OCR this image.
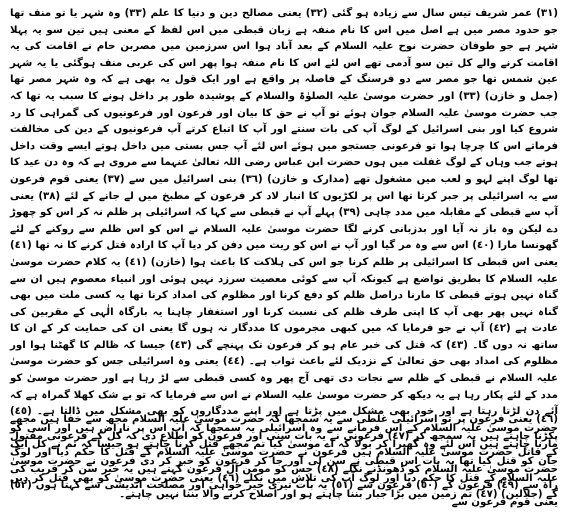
(٣١) عمر شریف تیس سال سے زیادہ ہو گئی (٣٢) یعنی مصالح دین و دنیا کا علم (٣٣) وہ شہر یا تو منف تھا جو حدود مصر میں ہے اصل میں اس کا نام منفہ ہے زبان قبطی میں اس لفظ کے معنی ہیں تین سو یہ پہلا شہر ہے جو طوفان حضرت نوح علیہ السلام کے بعد آباد ہوا اس سرزمین میں مصربن حام نے اقامت کی یہ اقامت کرنے والے کل تین سو آدمی تھے اس لئے اس کا نام منفہ ہوا پھر اس کی عربی منف ہوگئی یا یہ شہر عین شمس تھا جو مصر سے دو فرسنگ کے فاصلہ پر واقع ہے اور ایک قول یہ بھی ہے کہ وہ شہر مصر تھا (جمل و خازن) (٣٣) اور حضرت موسیٰ علیہ الصلوٰۃ والسلام کے پوشیدہ طور پر داخل ہونے کا سبب یہ تھا کہ جب حضرت موسیٰ علیہ السلام جوان ہوئے تو آپ نے حق کا بیان اور فرعون اور فرعونیوں کی گمراہی کا رد شروع کیا اور بنی اسرائیل کے لوگ آپ کی بات سنتے اور آپ کا اتباع کرتے آپ فرعونیوں کے دین کی مخالفت فرماتے اس کا چرچا ہوا تو فرعونی جستجو میں ہوئے اس لئے آپ جس بستی میں داخل ہوتے ایسے وقت داخل ہوتے جب وہاں کے لوگ غفلت میں ہوں حضرت ابن عباس رضی اللہ تعالیٰ عنہما سے مروی ہے کہ وہ دن عید کا تھا لوگ اپنے لہو و لعب میں مشغول تھے (مدارک و خازن) (٣٦) بنی اسرائیل میں سے (٣٧) یعنی قوم فرعون سے یہ اسرائیلی پر جبر کرتا تھا اس پر لکڑیوں کا انبار لاد کر فرعون کے مطبخ میں لے جانے کے لئے (٣٨) یعنی آپ سے قبطی کے مقابلہ میں مدد چاہی (٣٩) پہلے آپ نے قبطی سے کہا کہ اسرائیلی پر ظلم نہ کر اس کو چھوڑ دے لیکن وہ باز نہ آیا اور بدزبانی کرنے لگا حضرت موسیٰ علیہ السلام نے اس کو اس ظلم سے روکنے کے لئے گھونسا مارا (٤٠) اس سے وہ مر گیا اور آپ نے اس کو ریت میں دفن کر دیا آپ کا ارادہ قتل کرنے کا نہ تھا (٤١) یعنی اس قبطی کا اسرائیلی پر ظلم کرنا جو اس کی ہلاکت کا باعث ہوا (خازن) (٤١) یہ کلام حضرت موسیٰ علیہ السلام کا بطریق تواضع ہے کیونکہ آپ سے کوئی معصیت سرزد نہیں ہوئی اور انبیاء معصوم ہیں ان سے گناہ نہیں ہوتے قبطی کا مارنا دراصل ظلم کو دفع کرنا اور مظلوم کی امداد کرنا تھا یہ کسی ملت میں بھی گناہ نہیں پھر بھی آپ کا اپنی طرف ظلم کی نسبت کرنا اور استغفار چاہنا یہ بارگاہ الٰہی کے مقربین کی عادت ہے (٤٢) آپ نے جو فرمایا کہ میں کبھی مجرموں کا مددگار نہ ہوں گا یعنی ان کی حمایت کر کے ان کا ساتھ نہ دوں گا۔ (٤٣) کہ قتل کی خبر عام ہو کر فرعون تک پہنچے گی (٤٣) جیسا کہ ظالم کا گھٹنا ہوا اور مظلوم کی امداد بھی حق تعالیٰ کے نزدیک لئے باعث ثواب ہے۔ (٤٤) یعنی وہ اسرائیلی جس کو حضرت موسیٰ علیہ السلام نے قبطی کے ظلم سے نجات دی تھی آج پھر وہ کسی قبطی سے لڑ رہا ہے اور حضرت موسیٰ کو مدد کے لئے پکار رہا ہے یہ دیکھ کر حضرت موسیٰ علیہ السلام نے اس سے فرمایا کہ تو بے شک کھلا گمراہ ہے کہ آئے دن لڑتا رہتا ہے اور خود بھی مشکل میں پڑتا ہے اور اپنے مددگاروں کو بھی مشکل میں ڈالتا ہے۔ (٤٥) حضرت موسیٰ علیہ السلام کے اس فرمانے سے وہ اسرائیلی یہ سمجھا کہ آپ اس پر ناراض ہیں اور اسی کو مارنا چاہتے ہیں اس لئے وہ گھبرا کر بولا کہ اے موسیٰ کیا تم مجھے قتل کرنا چاہتے ہو جیسا کہ تم نے کل ایک جان کو قتل کیا تھا یہ بات اس قبطی نے سن لی اور جا کر فرعون کو خبر کر دی فرعون نے حضرت موسیٰ علیہ السلام کے قتل کا حکم دیا اور لوگ آپ کی تلاش میں نکلے (٤٦) یعنی حضرت موسیٰ کو بھی قتل کر دیں گے (جلالین) (٤٧) تم زمین میں بڑا جبار بننا چاہتے ہو اور اصلاح کرنے والا بننا نہیں چاہتے۔

(٤٦) یعنی فرعون پر تو اسرائیلی غلطی سے یہ سمجھا کہ حضرت موسیٰ علیہ السلام مجھ سے خفا ہیں مجھے پکڑنا چاہتے ہیں یہ سمجھ کر (٤٧) فرعونی نے یہ بات سنی اور فرعون کو اطلاع دی کہ کل کے فرعونی مقتول کے قاتل حضرت موسیٰ علیہ السلام ہیں فرعون نے حضرت موسیٰ علیہ السلام کے قتل کا حکم دیا اور لوگ حضرت موسیٰ علیہ السلام کو ڈھونڈنے نکلے (٤٨) جس کو مومن آل فرعون کہتے ہیں یہ خبر سن کر قریب کی راہ سے (٤٩) فرعون کے (٥٠) فرعون سے (٥١) یہ بات تیری خیر خواہی اور مصلحت اندیشی سے کہتا ہوں (٥٢) یعنی قوم فرعون سے
